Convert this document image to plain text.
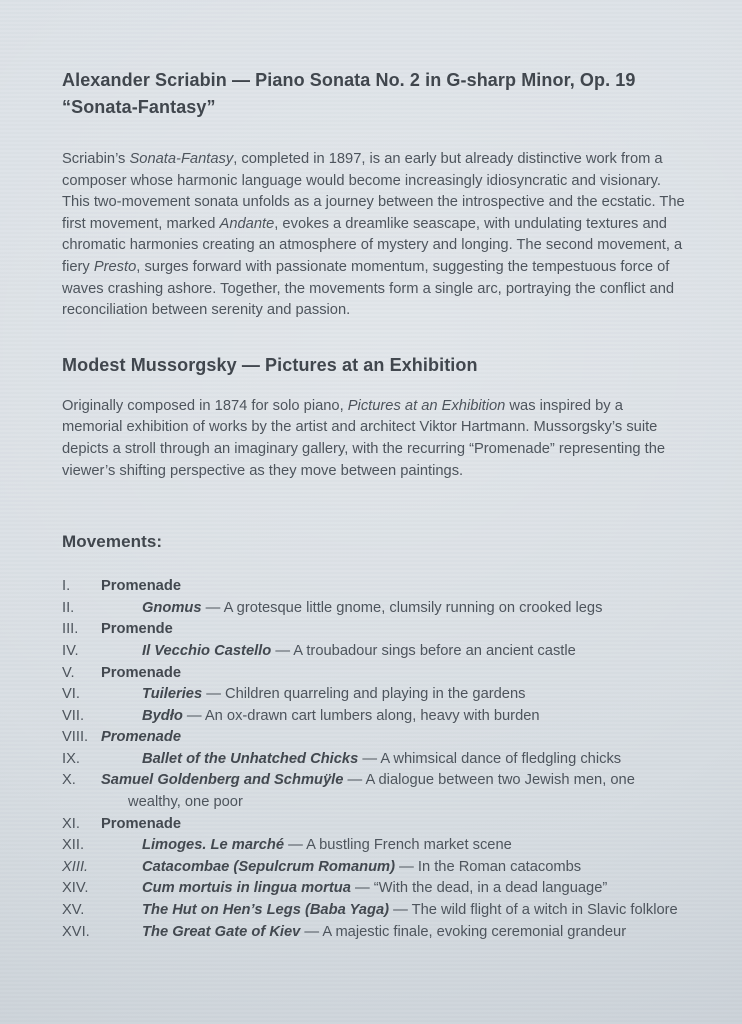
Alexander Scriabin — Piano Sonata No. 2 in G-sharp Minor, Op. 19
“Sonata-Fantasy”

Scriabin’s Sonata-Fantasy, completed in 1897, is an early but already distinctive work from a composer whose harmonic language would become increasingly idiosyncratic and visionary. This two-movement sonata unfolds as a journey between the introspective and the ecstatic. The first movement, marked Andante, evokes a dreamlike seascape, with undulating textures and chromatic harmonies creating an atmosphere of mystery and longing. The second movement, a fiery Presto, surges forward with passionate momentum, suggesting the tempestuous force of waves crashing ashore. Together, the movements form a single arc, portraying the conflict and reconciliation between serenity and passion.

Modest Mussorgsky — Pictures at an Exhibition

Originally composed in 1874 for solo piano, Pictures at an Exhibition was inspired by a memorial exhibition of works by the artist and architect Viktor Hartmann. Mussorgsky’s suite depicts a stroll through an imaginary gallery, with the recurring “Promenade” representing the viewer’s shifting perspective as they move between paintings.

Movements:
I.	Promenade
II.	Gnomus — A grotesque little gnome, clumsily running on crooked legs
III.	Promende
IV.	Il Vecchio Castello — A troubadour sings before an ancient castle
V.	Promenade
VI.	Tuileries — Children quarreling and playing in the gardens
VII.	Bydło — An ox-drawn cart lumbers along, heavy with burden
VIII. Promenade
IX.	Ballet of the Unhatched Chicks — A whimsical dance of fledgling chicks
X.	Samuel Goldenberg and Schmuÿle — A dialogue between two Jewish men, one wealthy, one poor
XI.	Promenade
XII.	Limoges. Le marché — A bustling French market scene
XIII.	Catacombae (Sepulcrum Romanum) — In the Roman catacombs
XIV.	Cum mortuis in lingua mortua — “With the dead, in a dead language”
XV.	The Hut on Hen’s Legs (Baba Yaga) — The wild flight of a witch in Slavic folklore
XVI.	The Great Gate of Kiev — A majestic finale, evoking ceremonial grandeur
